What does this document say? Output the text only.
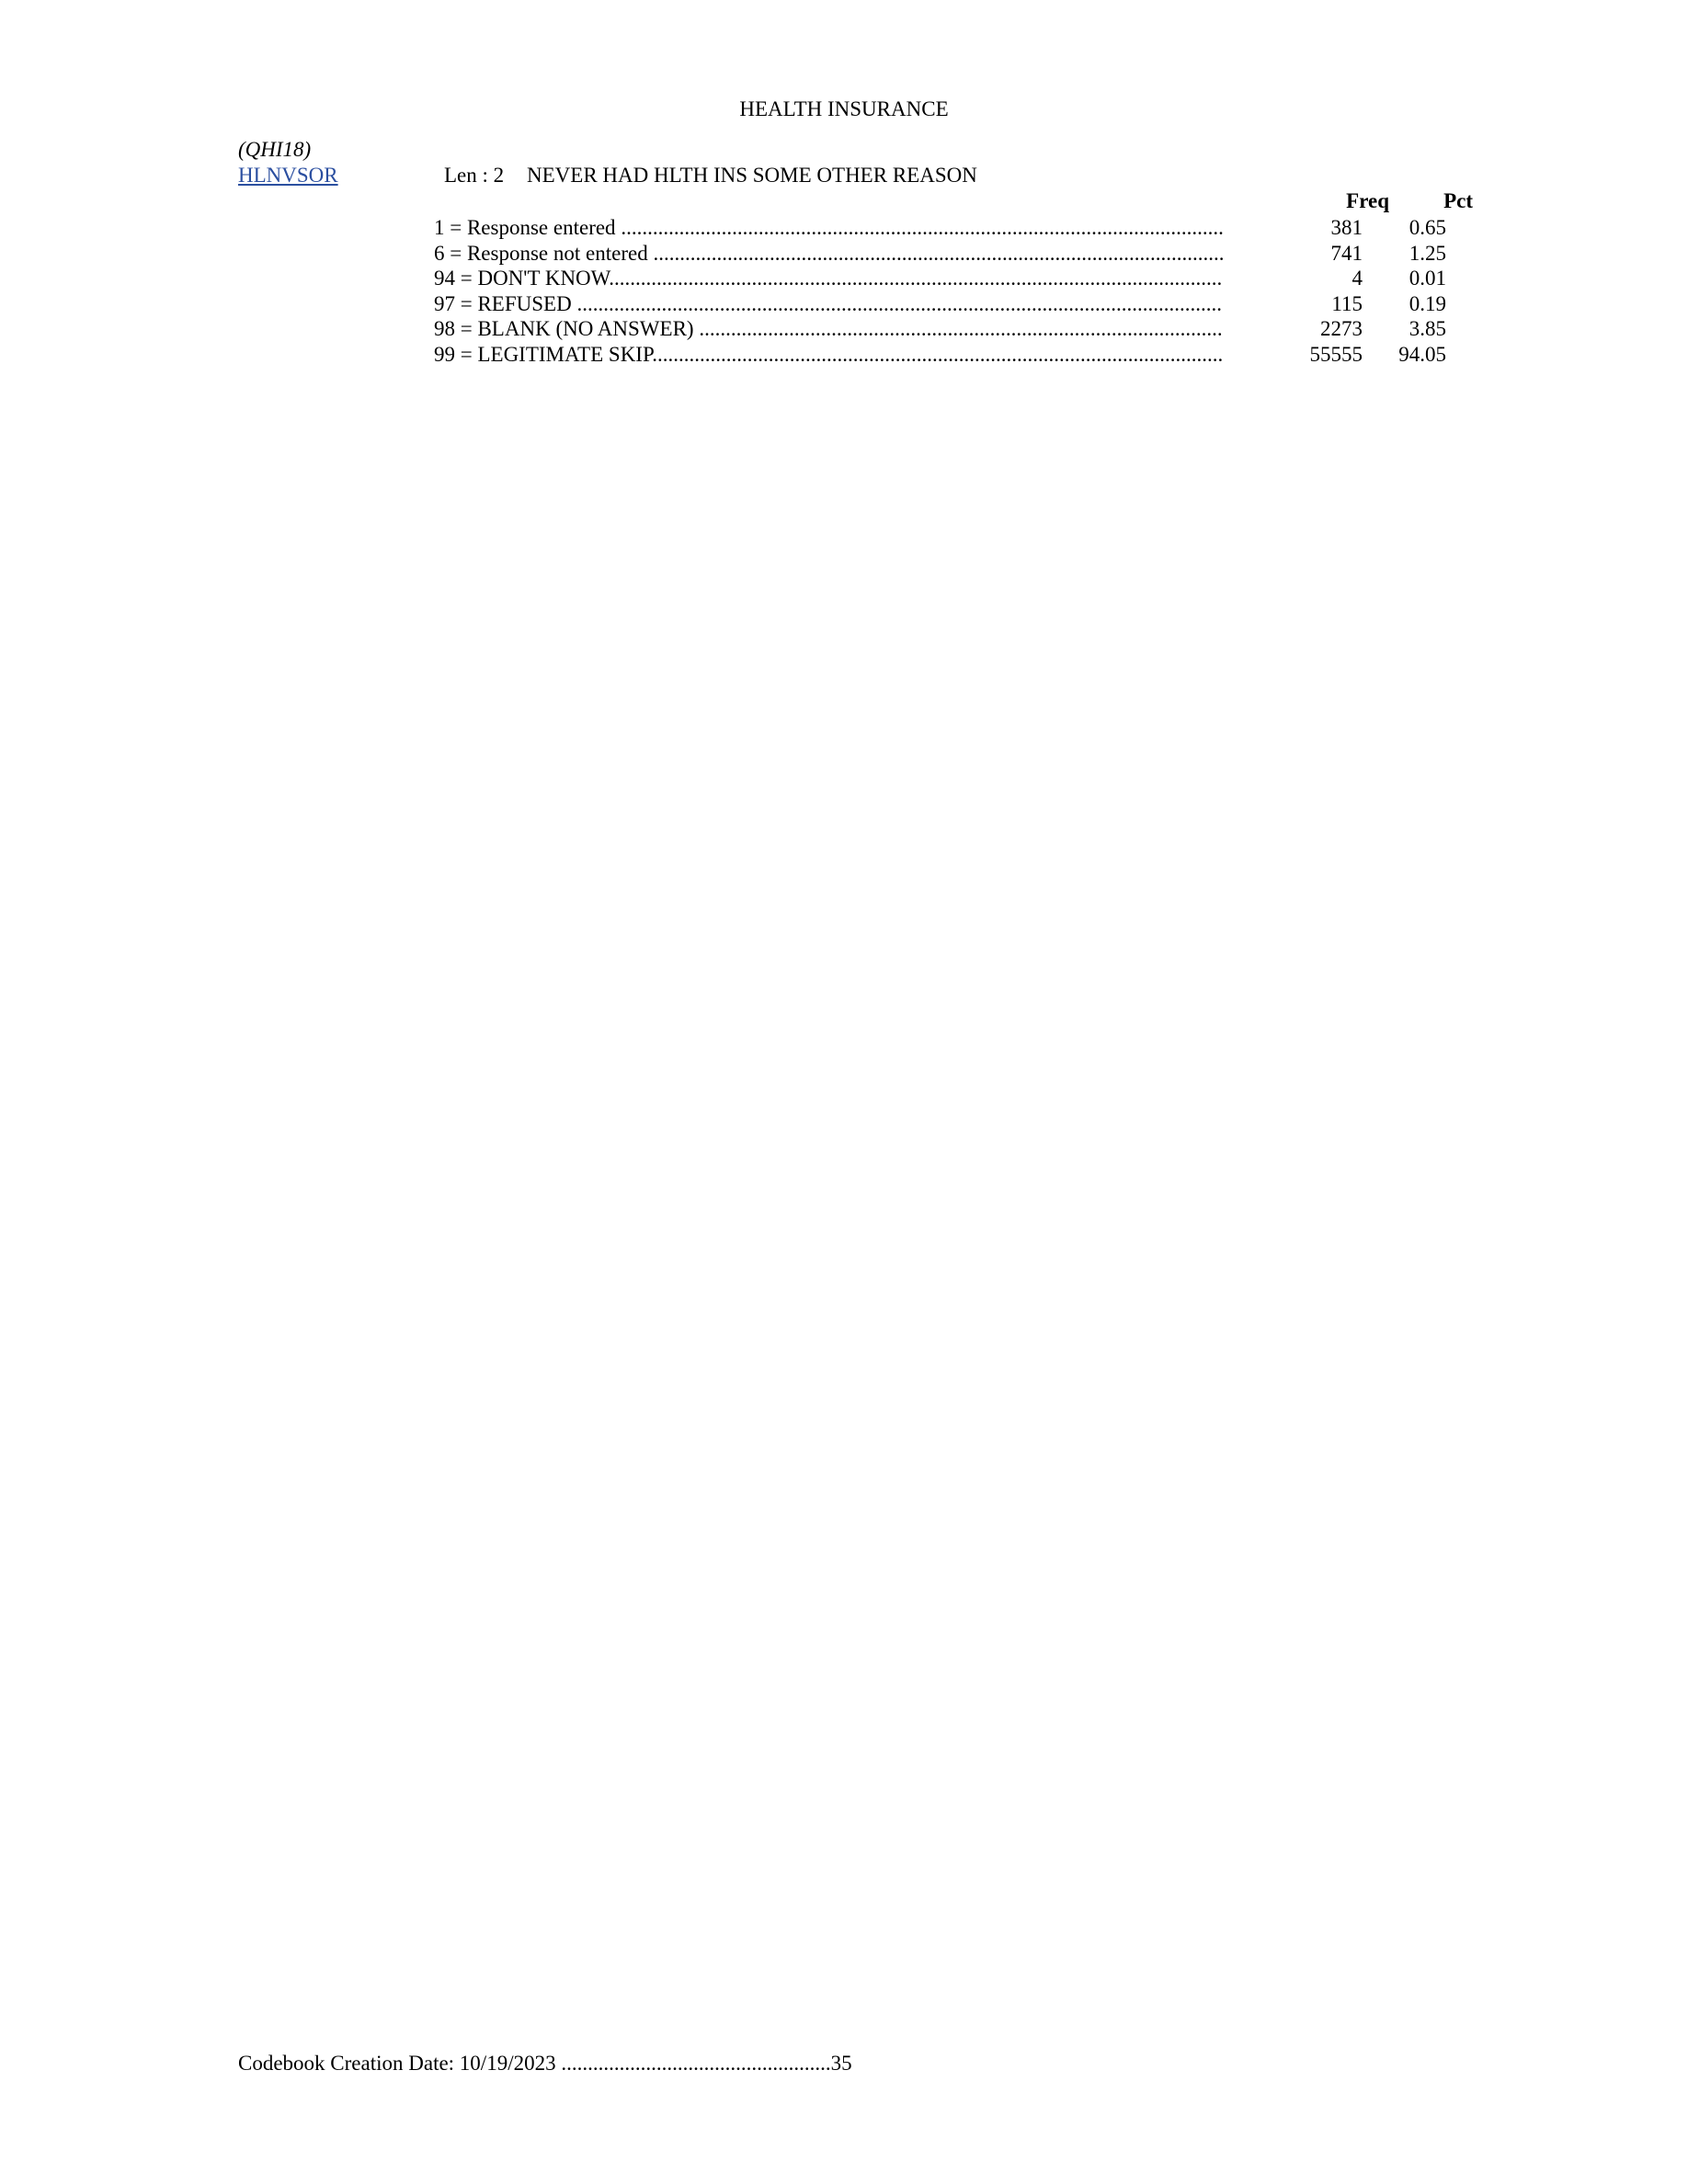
HEALTH INSURANCE
(QHI18)
HLNVSOR	Len : 2 NEVER HAD HLTH INS SOME OTHER REASON
Freq	Pct
1 = Response entered .....	381 0.65
6 = Response not entered .....	741 1.25
94 = DON'T KNOW .....	4 0.01
97 = REFUSED .....	115 0.19
98 = BLANK (NO ANSWER) .....	2273 3.85
99 = LEGITIMATE SKIP .....	55555 94.05
Codebook Creation Date: 10/19/2023 ...................................................35
